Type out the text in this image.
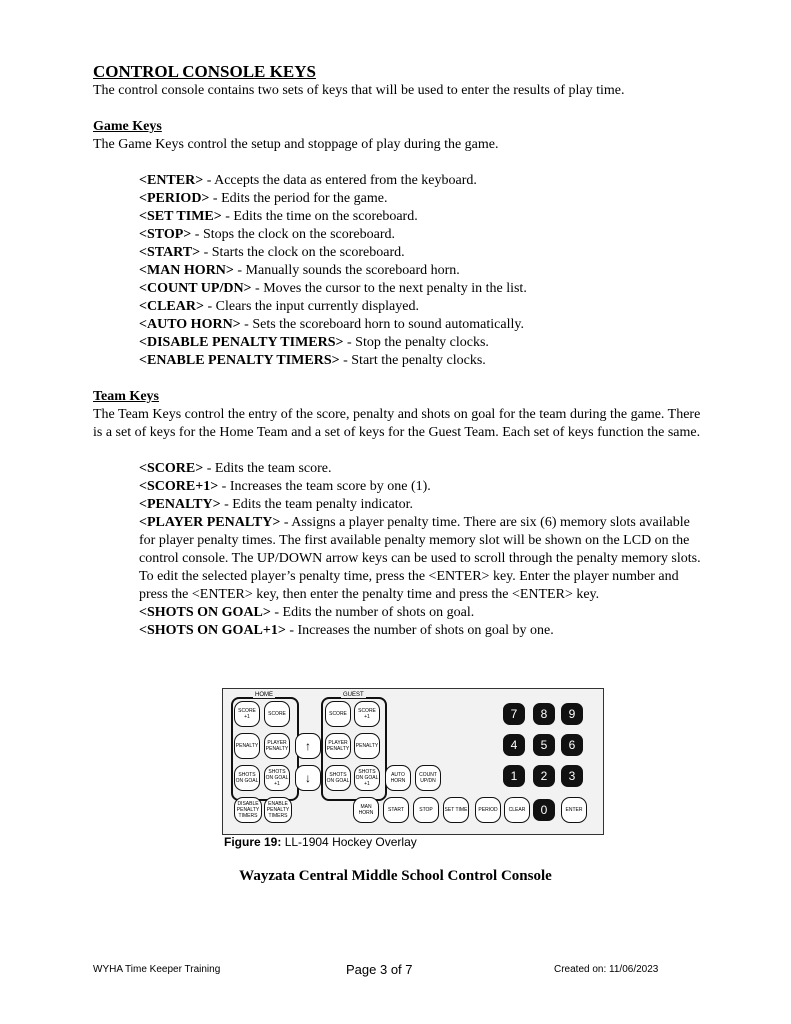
CONTROL CONSOLE KEYS

The control console contains two sets of keys that will be used to enter the results of play time.

Game Keys

The Game Keys control the setup and stoppage of play during the game.

<ENTER> - Accepts the data as entered from the keyboard.
<PERIOD> - Edits the period for the game.
<SET TIME> - Edits the time on the scoreboard.
<STOP> - Stops the clock on the scoreboard.
<START> - Starts the clock on the scoreboard.
<MAN HORN> - Manually sounds the scoreboard horn.
<COUNT UP/DN> - Moves the cursor to the next penalty in the list.
<CLEAR> - Clears the input currently displayed.
<AUTO HORN> - Sets the scoreboard horn to sound automatically.
<DISABLE PENALTY TIMERS> - Stop the penalty clocks.
<ENABLE PENALTY TIMERS> - Start the penalty clocks.
Team Keys

The Team Keys control the entry of the score, penalty and shots on goal for the team during the game. There is a set of keys for the Home Team and a set of keys for the Guest Team. Each set of keys function the same.

<SCORE> - Edits the team score.
<SCORE+1> - Increases the team score by one (1).
<PENALTY> - Edits the team penalty indicator.
<PLAYER PENALTY> - Assigns a player penalty time. There are six (6) memory slots available for player penalty times. The first available penalty memory slot will be shown on the LCD on the control console. The UP/DOWN arrow keys can be used to scroll through the penalty memory slots. To edit the selected player’s penalty time, press the <ENTER> key. Enter the player number and press the <ENTER> key, then enter the penalty time and press the <ENTER> key.
<SHOTS ON GOAL> - Edits the number of shots on goal.
<SHOTS ON GOAL+1> - Increases the number of shots on goal by one.
HOME	GUEST
SCORE +1	SCORE
PENALTY	PLAYER PENALTY
SHOTS ON GOAL
SHOTS ON GOAL +1
↑
↓
SCORE	SCORE +1
PLAYER PENALTY	PENALTY
SHOTS ON GOAL
SHOTS ON GOAL +1
AUTO HORN
COUNT UP/DN
DISABLE PENALTY TIMERS
ENABLE PENALTY TIMERS
MAN HORN	START	STOP	SET TIME	PERIOD	CLEAR	0	ENTER
7	8	9
4	5	6
1	2	3
Figure 19: LL-1904 Hockey Overlay
Wayzata Central Middle School Control Console
WYHA Time Keeper Training	Page 3 of 7	Created on: 11/06/2023
